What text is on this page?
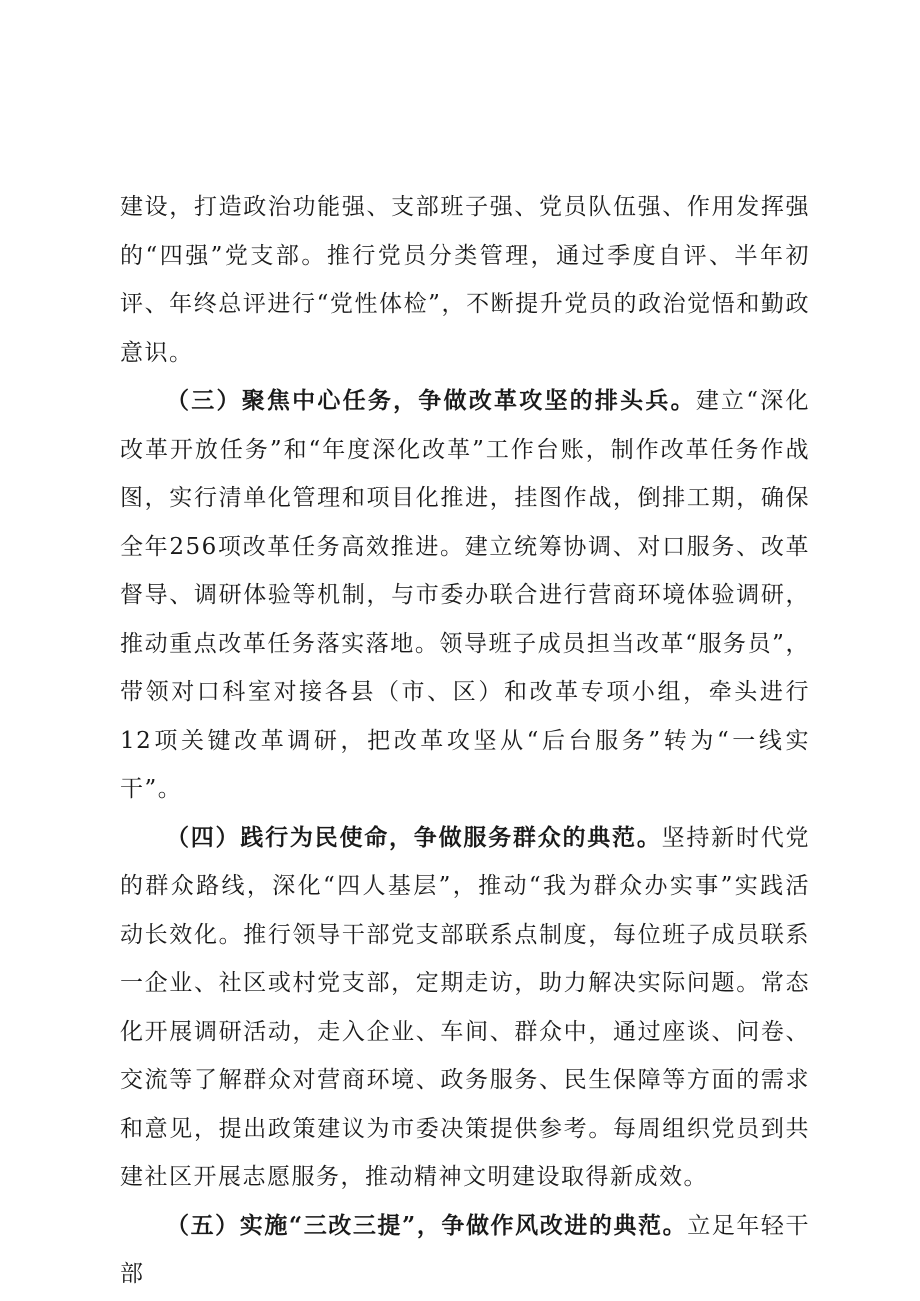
建设，打造政治功能强、支部班子强、党员队伍强、作用发挥强的“四强”党支部。推行党员分类管理，通过季度自评、半年初评、年终总评进行“党性体检”，不断提升党员的政治觉悟和勤政意识。

（三）聚焦中心任务，争做改革攻坚的排头兵。建立“深化改革开放任务”和“年度深化改革”工作台账，制作改革任务作战图，实行清单化管理和项目化推进，挂图作战，倒排工期，确保全年256项改革任务高效推进。建立统筹协调、对口服务、改革督导、调研体验等机制，与市委办联合进行营商环境体验调研，推动重点改革任务落实落地。领导班子成员担当改革“服务员”，带领对口科室对接各县（市、区）和改革专项小组，牵头进行12项关键改革调研，把改革攻坚从“后台服务”转为“一线实干”。

（四）践行为民使命，争做服务群众的典范。坚持新时代党的群众路线，深化“四人基层”，推动“我为群众办实事”实践活动长效化。推行领导干部党支部联系点制度，每位班子成员联系一企业、社区或村党支部，定期走访，助力解决实际问题。常态化开展调研活动，走入企业、车间、群众中，通过座谈、问卷、交流等了解群众对营商环境、政务服务、民生保障等方面的需求和意见，提出政策建议为市委决策提供参考。每周组织党员到共建社区开展志愿服务，推动精神文明建设取得新成效。

（五）实施“三改三提”，争做作风改进的典范。立足年轻干部
